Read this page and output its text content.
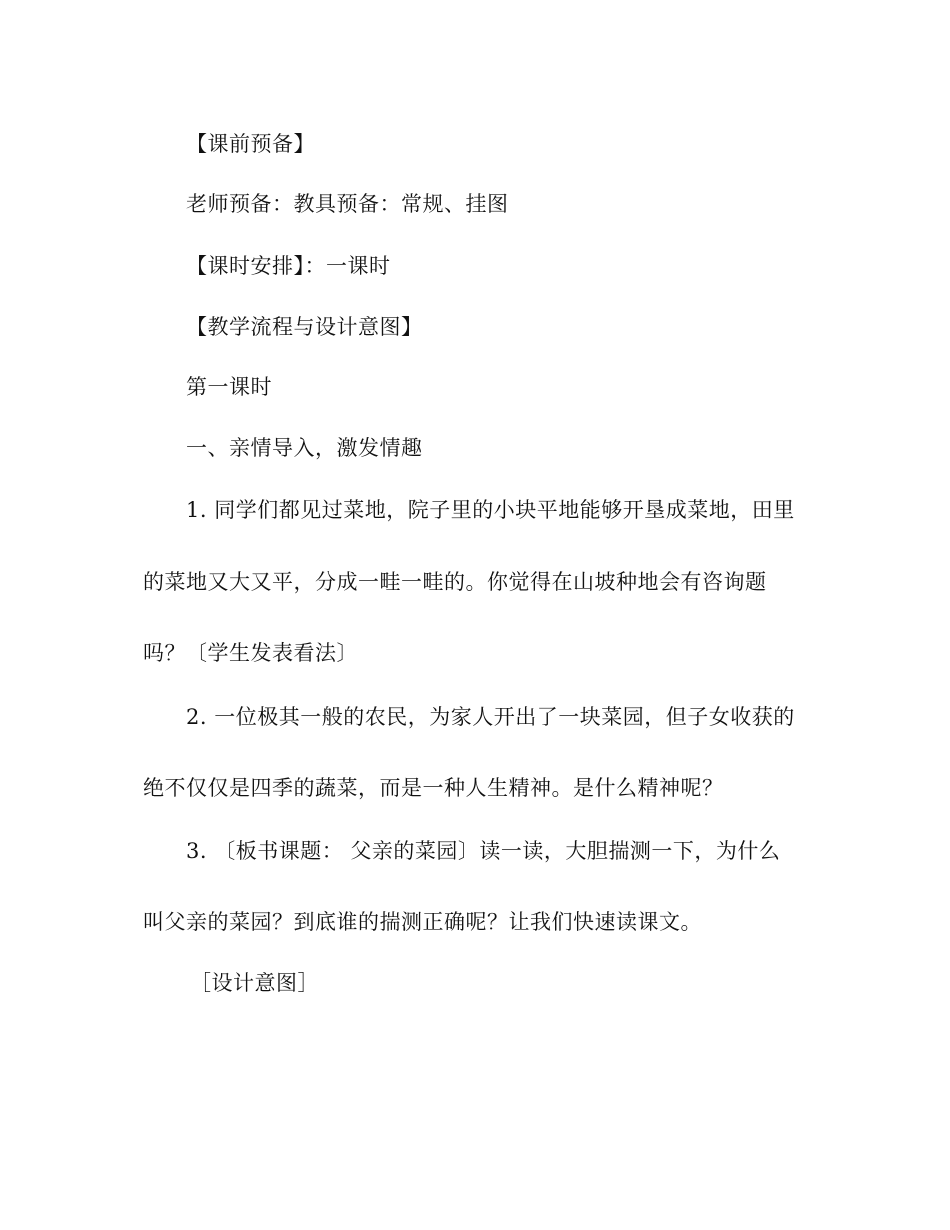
【课前预备】
老师预备：教具预备：常规、挂图
【课时安排】：一课时
【教学流程与设计意图】
第一课时
一、亲情导入，激发情趣
1. 同学们都见过菜地，院子里的小块平地能够开垦成菜地，田里
的菜地又大又平，分成一畦一畦的。你觉得在山坡种地会有咨询题
吗？〔学生发表看法〕
2. 一位极其一般的农民，为家人开出了一块菜园，但子女收获的
绝不仅仅是四季的蔬菜，而是一种人生精神。是什么精神呢？
3. 〔板书课题： 父亲的菜园〕读一读，大胆揣测一下，为什么
叫父亲的菜园？到底谁的揣测正确呢？让我们快速读课文。
［设计意图］
